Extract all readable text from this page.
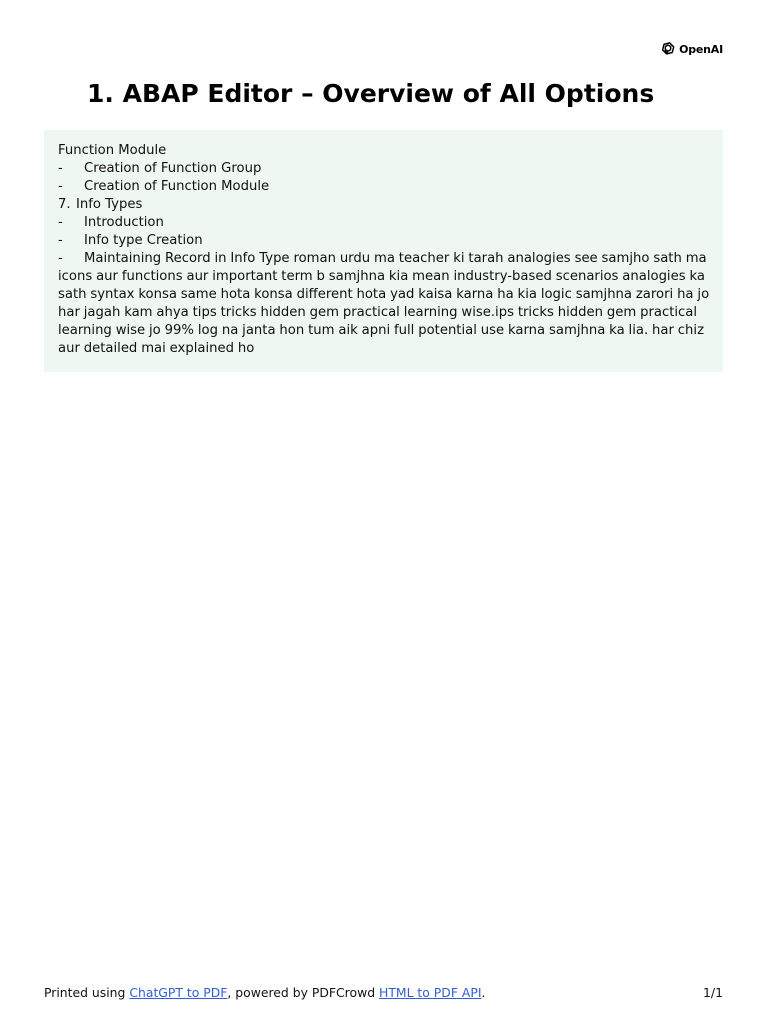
OpenAI
1. ABAP Editor – Overview of All Options
Function Module
- Creation of Function Group
- Creation of Function Module
7. Info Types
- Introduction
- Info type Creation
- Maintaining Record in Info Type roman urdu ma teacher ki tarah analogies see samjho sath ma icons aur functions aur important term b samjhna kia mean industry-based scenarios analogies ka sath syntax konsa same hota konsa different hota yad kaisa karna ha kia logic samjhna zarori ha jo har jagah kam ahya tips tricks hidden gem practical learning wise.ips tricks hidden gem practical learning wise jo 99% log na janta hon tum aik apni full potential use karna samjhna ka lia. har chiz aur detailed mai explained ho
Printed using ChatGPT to PDF, powered by PDFCrowd HTML to PDF API.	1/1
